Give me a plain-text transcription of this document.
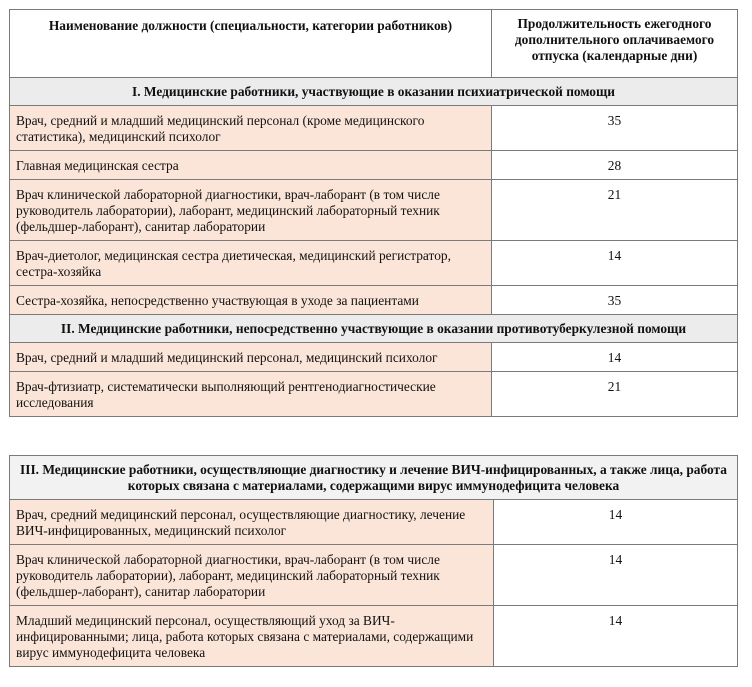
Наименование должности (специальности, категории работников)	Продолжительность ежегодного дополнительного оплачиваемого отпуска (календарные дни)
I. Медицинские работники, участвующие в оказании психиатрической помощи	
Врач, средний и младший медицинский персонал (кроме медицинского статистика), медицинский психолог	35
Главная медицинская сестра	28
Врач клинической лабораторной диагностики, врач-лаборант (в том числе руководитель лаборатории), лаборант, медицинский лабораторный техник (фельдшер-лаборант), санитар лаборатории	21
Врач-диетолог, медицинская сестра диетическая, медицинский регистратор, сестра-хозяйка	14
Сестра-хозяйка, непосредственно участвующая в уходе за пациентами	35
II. Медицинские работники, непосредственно участвующие в оказании противотуберкулезной помощи	
Врач, средний и младший медицинский персонал, медицинский психолог	14
Врач-фтизиатр, систематически выполняющий рентгенодиагностические исследования	21
III. Медицинские работники, осуществляющие диагностику и лечение ВИЧ-инфицированных, а также лица, работа которых связана с материалами, содержащими вирус иммунодефицита человека	
Врач, средний медицинский персонал, осуществляющие диагностику, лечение ВИЧ-инфицированных, медицинский психолог	14
Врач клинической лабораторной диагностики, врач-лаборант (в том числе руководитель лаборатории), лаборант, медицинский лабораторный техник (фельдшер-лаборант), санитар лаборатории	14
Младший медицинский персонал, осуществляющий уход за ВИЧ-инфицированными; лица, работа которых связана с материалами, содержащими вирус иммунодефицита человека	14
